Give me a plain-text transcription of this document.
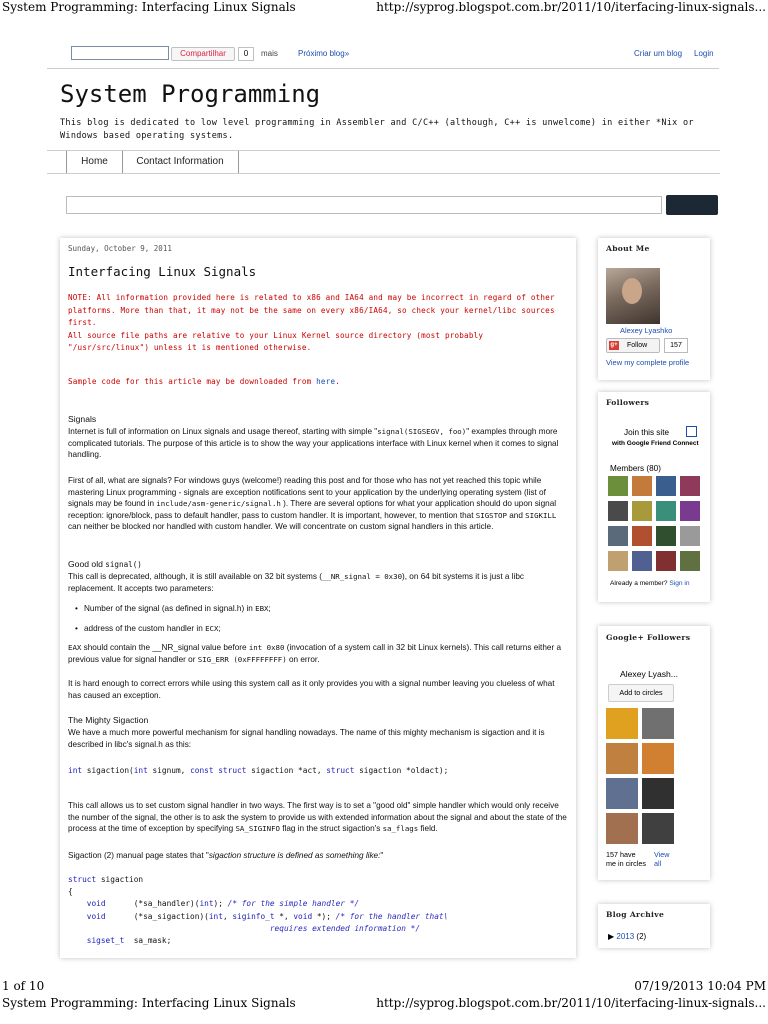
System Programming: Interfacing Linux Signals	http://syprog.blogspot.com.br/2011/10/iterfacing-linux-signals...
Compartilhar	0	mais	Próximo blog»	Criar um blog Login
System Programming
This blog is dedicated to low level programming in Assembler and C/C++ (although, C++ is unwelcome) in either *Nix or Windows based operating systems.
Home	Contact Information
Search
Sunday, October 9, 2011
Interfacing Linux Signals
NOTE: All information provided here is related to x86 and IA64 and may be incorrect in regard of other platforms. More than that, it may not be the same on every x86/IA64, so check your kernel/libc sources first.
All source file paths are relative to your Linux Kernel source directory (most probably "/usr/src/linux") unless it is mentioned otherwise.
Sample code for this article may be downloaded from here.
Signals
Internet is full of information on Linux signals and usage thereof, starting with simple "signal(SIGSEGV, foo)" examples through more complicated tutorials. The purpose of this article is to show the way your applications interface with Linux kernel when it comes to signal handling.
First of all, what are signals? For windows guys (welcome!) reading this post and for those who has not yet reached this topic while mastering Linux programming - signals are exception notifications sent to your application by the underlying operating system (list of signals may be found in include/asm-generic/signal.h ). There are several options for what your application should do upon signal reception: ignore/block, pass to default handler, pass to custom handler. It is important, however, to mention that SIGSTOP and SIGKILL can neither be blocked nor handled with custom handler. We will concentrate on custom signal handlers in this article.
Good old signal()
This call is deprecated, although, it is still available on 32 bit systems (__NR_signal = 0x30), on 64 bit systems it is just a libc replacement. It accepts two parameters:
• Number of the signal (as defined in signal.h) in EBX;
• address of the custom handler in ECX;
EAX should contain the __NR_signal value before int 0x80 (invocation of a system call in 32 bit Linux kernels). This call returns either a previous value for signal handler or SIG_ERR (0xFFFFFFFF) on error.
It is hard enough to correct errors while using this system call as it only provides you with a signal number leaving you clueless of what has caused an exception.
The Mighty Sigaction
We have a much more powerful mechanism for signal handling nowadays. The name of this mighty mechanism is sigaction and it is described in libc's signal.h as this:
int sigaction(int signum, const struct sigaction *act, struct sigaction *oldact);
This call allows us to set custom signal handler in two ways. The first way is to set a "good old" simple handler which would only receive the number of the signal, the other is to ask the system to provide us with extended information about the signal and about the state of the process at the time of exception by specifying SA_SIGINFO flag in the struct sigaction's sa_flags field.
Sigaction (2) manual page states that "sigaction structure is defined as something like:"
struct sigaction
{
void      (*sa_handler)(int); /* for the simple handler */
void      (*sa_sigaction)(int, siginfo_t *, void *); /* for the handler that\
requires extended information */
sigset_t  sa_mask;
About Me
Alexey Lyashko
g+ Follow	157
View my complete profile
Followers
Join this site
with Google Friend Connect
Members (80)
Already a member? Sign in
Google+ Followers
Alexey Lyash...
Add to circles
157 have me in circles
View all
Blog Archive
▶ 2013 (2)
1 of 10	07/19/2013 10:04 PM
System Programming: Interfacing Linux Signals	http://syprog.blogspot.com.br/2011/10/iterfacing-linux-signals...
